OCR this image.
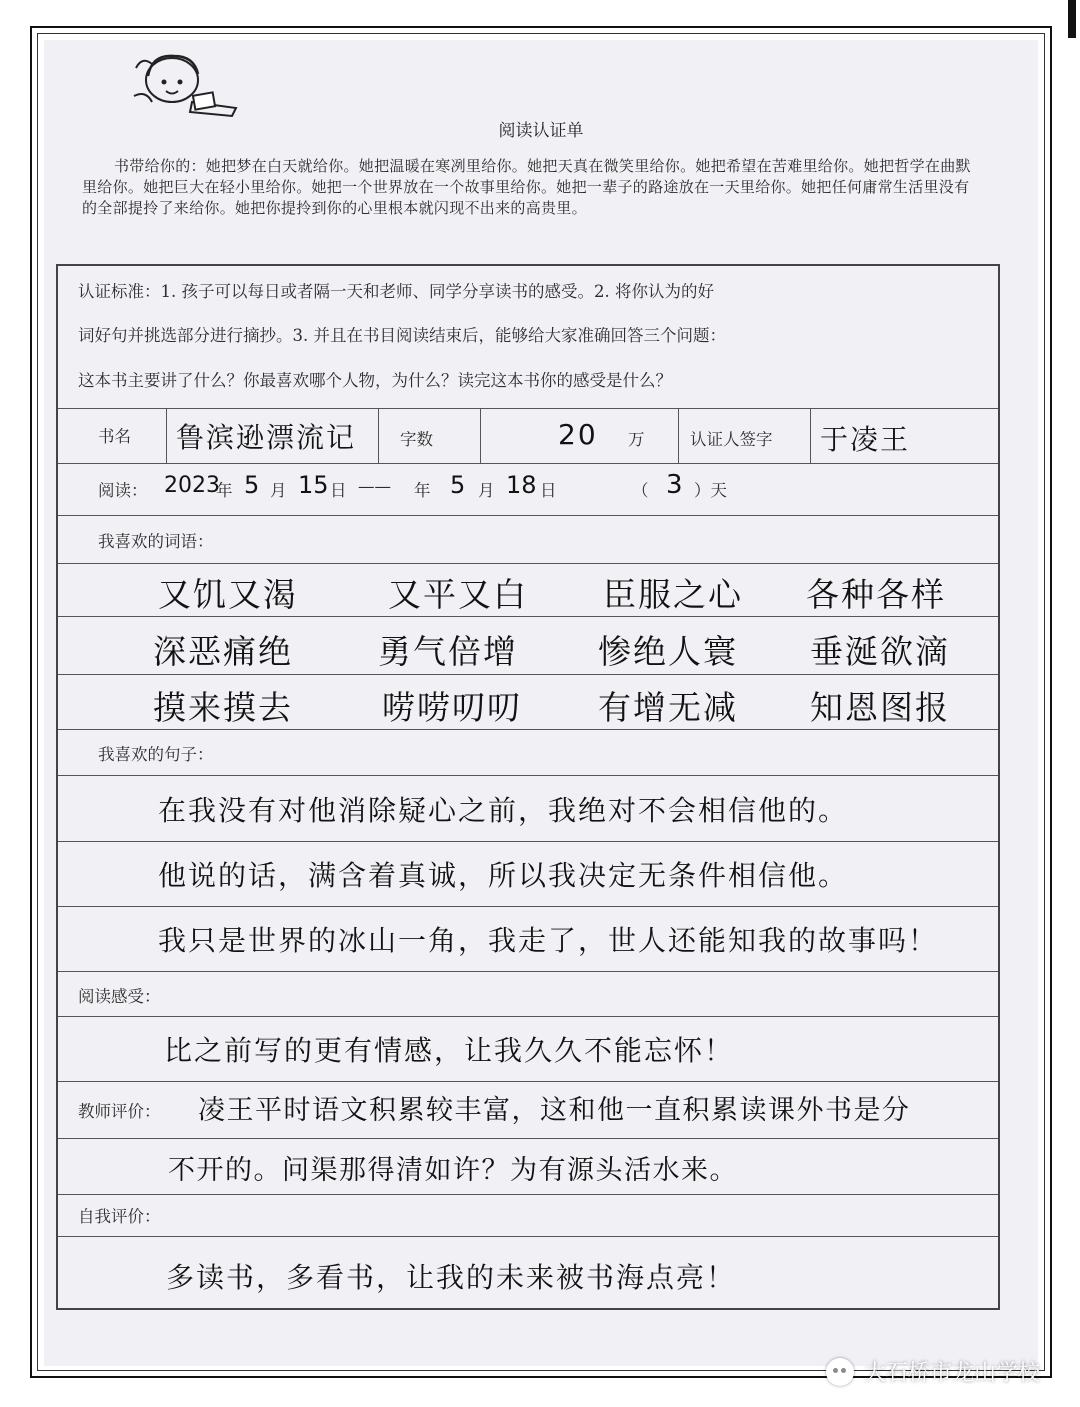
阅读认证单
书带给你的：她把梦在白天就给你。她把温暖在寒冽里给你。她把天真在微笑里给你。她把希望在苦难里给你。她把哲学在曲默里给你。她把巨大在轻小里给你。她把一个世界放在一个故事里给你。她把一辈子的路途放在一天里给你。她把任何庸常生活里没有的全部提拎了来给你。她把你提拎到你的心里根本就闪现不出来的高贵里。
认证标准：1. 孩子可以每日或者隔一天和老师、同学分享读书的感受。2. 将你认为的好
词好句并挑选部分进行摘抄。3. 并且在书目阅读结束后，能够给大家准确回答三个问题：
这本书主要讲了什么？你最喜欢哪个人物，为什么？读完这本书你的感受是什么？
书名 鲁滨逊漂流记	字数	20 万	认证人签字 于凌王
阅读： 2023
年 5 月 15 日 —— 年 5 月 18 日	（ 3 ）天
我喜欢的词语：
又饥又渴	又平又白 臣服之心 各种各样
深恶痛绝	勇气倍增 惨绝人寰 垂涎欲滴
摸来摸去	唠唠叨叨 有增无减 知恩图报
我喜欢的句子：
在我没有对他消除疑心之前，我绝对不会相信他的。
他说的话，满含着真诚，所以我决定无条件相信他。
我只是世界的冰山一角，我走了，世人还能知我的故事吗！
阅读感受：
比之前写的更有情感，让我久久不能忘怀！
教师评价： 凌王平时语文积累较丰富，这和他一直积累读课外书是分
不开的。问渠那得清如许？为有源头活水来。
自我评价：
多读书，多看书，让我的未来被书海点亮！
大石桥市龙山学校
